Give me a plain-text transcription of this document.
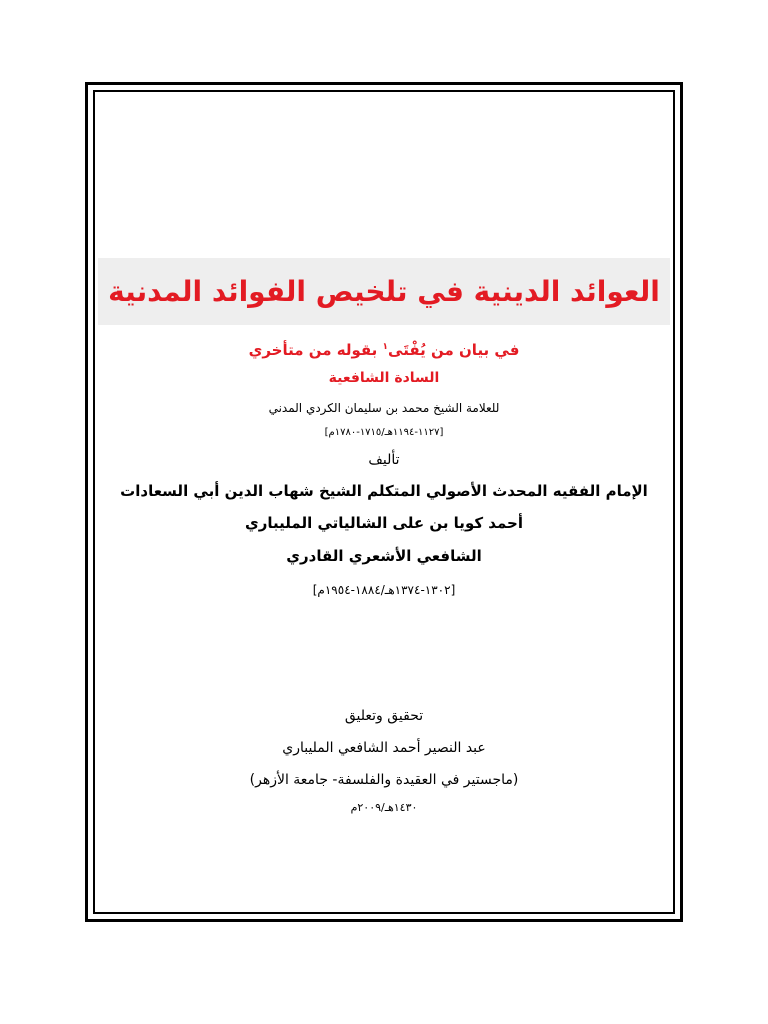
العوائد الدينية في تلخيص الفوائد المدنية
في بيان من يُفْتَى$^١$ بقوله من متأخري
السادة الشافعية
للعلامة الشيخ محمد بن سليمان الكردي المدني
[١١٢٧-١١٩٤هـ/١٧١٥-١٧٨٠م]
تأليف
الإمام الفقيه المحدث الأصولي المتكلم الشيخ شهاب الدين أبي السعادات
أحمد كويا بن على الشالياتي المليباري
الشافعي الأشعري القادري
[١٣٠٢-١٣٧٤هـ/١٨٨٤-١٩٥٤م]
تحقيق وتعليق
عبد النصير أحمد الشافعي المليباري
(ماجستير في العقيدة والفلسفة- جامعة الأزهر)
١٤٣٠هـ/٢٠٠٩م
